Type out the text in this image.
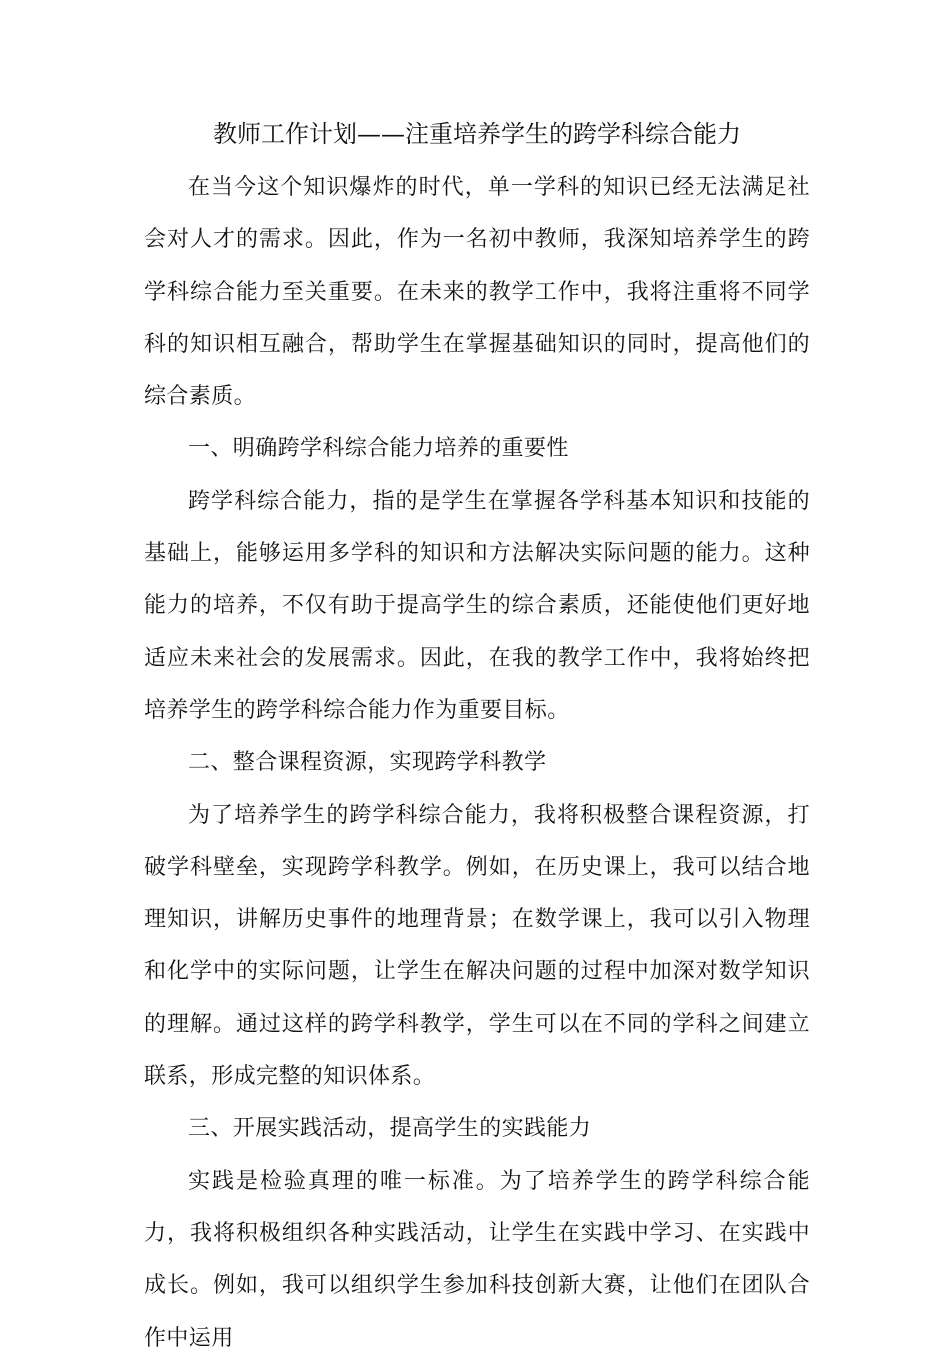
教师工作计划——注重培养学生的跨学科综合能力

在当今这个知识爆炸的时代，单一学科的知识已经无法满足社会对人才的需求。因此，作为一名初中教师，我深知培养学生的跨学科综合能力至关重要。在未来的教学工作中，我将注重将不同学科的知识相互融合，帮助学生在掌握基础知识的同时，提高他们的综合素质。

一、明确跨学科综合能力培养的重要性

跨学科综合能力，指的是学生在掌握各学科基本知识和技能的基础上，能够运用多学科的知识和方法解决实际问题的能力。这种能力的培养，不仅有助于提高学生的综合素质，还能使他们更好地适应未来社会的发展需求。因此，在我的教学工作中，我将始终把培养学生的跨学科综合能力作为重要目标。

二、整合课程资源，实现跨学科教学

为了培养学生的跨学科综合能力，我将积极整合课程资源，打破学科壁垒，实现跨学科教学。例如，在历史课上，我可以结合地理知识，讲解历史事件的地理背景；在数学课上，我可以引入物理和化学中的实际问题，让学生在解决问题的过程中加深对数学知识的理解。通过这样的跨学科教学，学生可以在不同的学科之间建立联系，形成完整的知识体系。

三、开展实践活动，提高学生的实践能力

实践是检验真理的唯一标准。为了培养学生的跨学科综合能力，我将积极组织各种实践活动，让学生在实践中学习、在实践中成长。例如，我可以组织学生参加科技创新大赛，让他们在团队合作中运用
